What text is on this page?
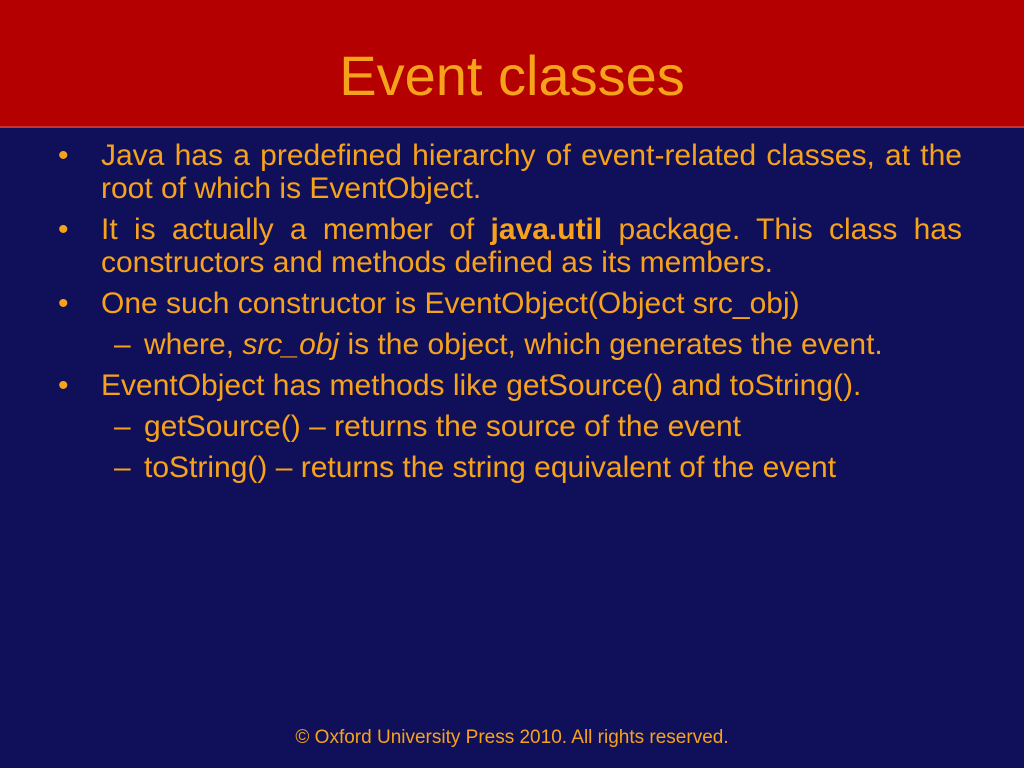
Event classes
• Java has a predefined hierarchy of event-related classes, at the root of which is EventObject.
• It is actually a member of java.util package. This class has constructors and methods defined as its members.
• One such constructor is EventObject(Object src_obj)
– where, src_obj is the object, which generates the event.
• EventObject has methods like getSource() and toString().
– getSource() – returns the source of the event
– toString() – returns the string equivalent of the event
© Oxford University Press 2010. All rights reserved.
